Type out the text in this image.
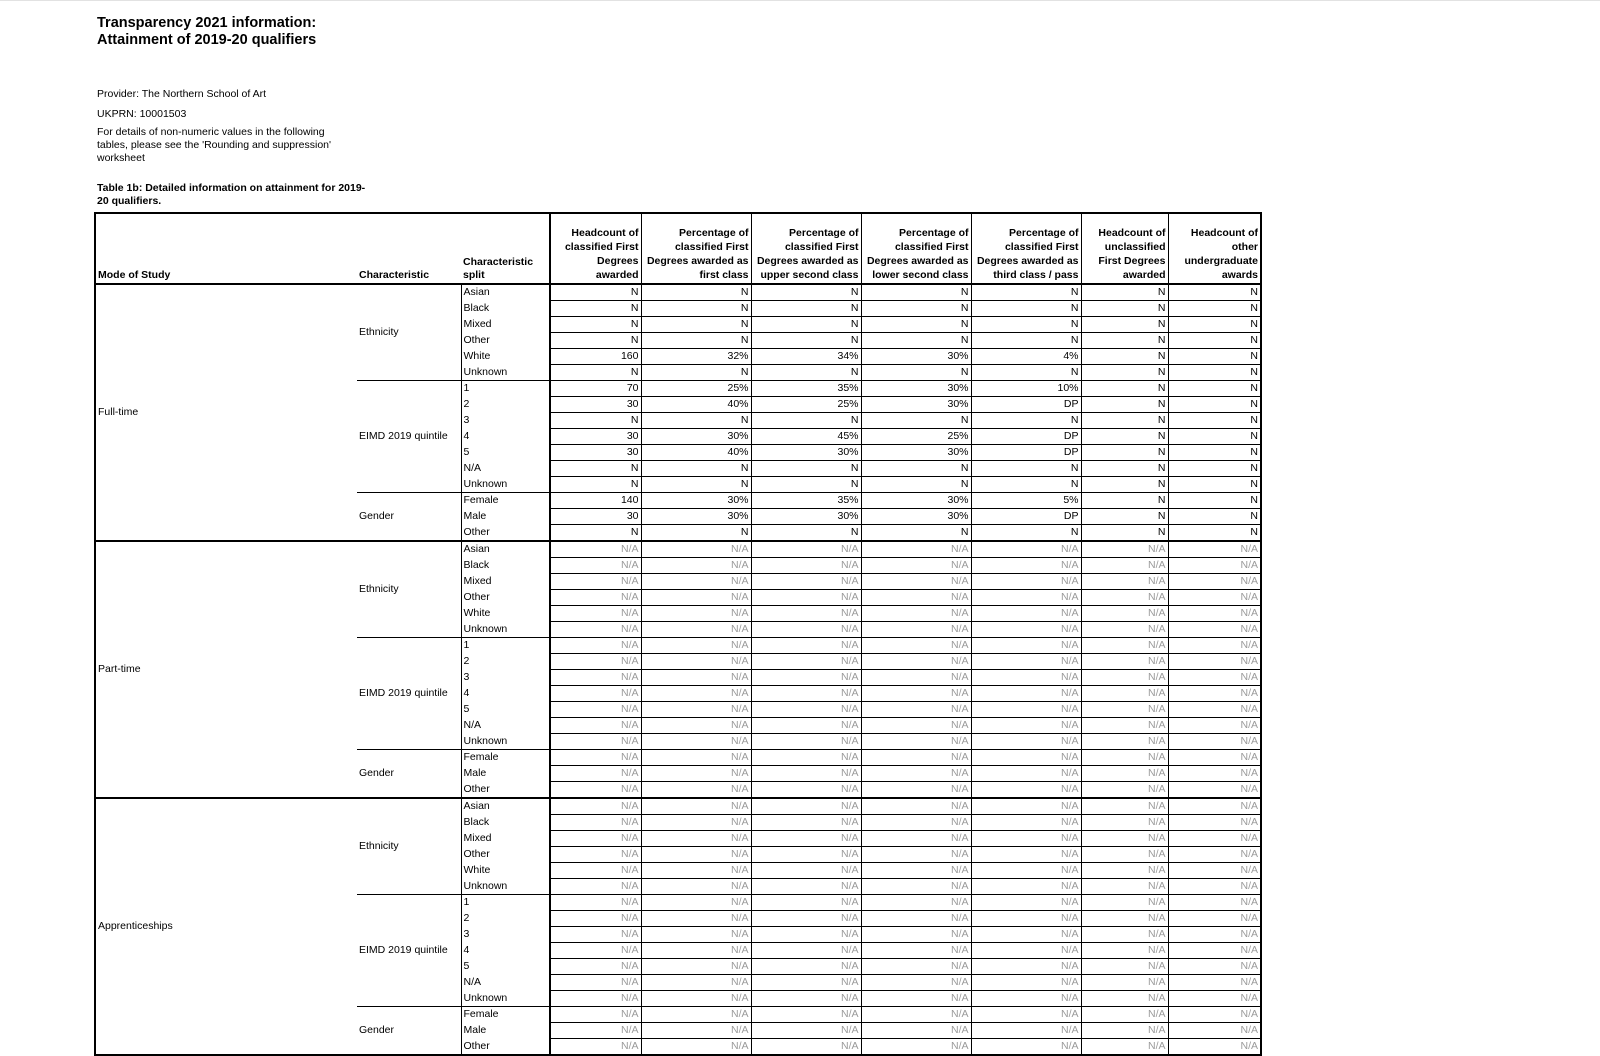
Transparency 2021 information:
Attainment of 2019-20 qualifiers

Provider: The Northern School of Art

UKPRN: 10001503

For details of non-numeric values in the following tables, please see the 'Rounding and suppression' worksheet

Table 1b: Detailed information on attainment for 2019-20 qualifiers.

Mode of Study	Characteristic	Characteristic split	Headcount of classified First Degrees awarded	Percentage of classified First Degrees awarded as first class	Percentage of classified First Degrees awarded as upper second class	Percentage of classified First Degrees awarded as lower second class	Percentage of classified First Degrees awarded as third class / pass	Headcount of unclassified First Degrees awarded	Headcount of other undergraduate awards
Full-time	Ethnicity	Asian	N	N	N	N	N	N	N
		Black	N	N	N	N	N	N	N
		Mixed	N	N	N	N	N	N	N
		Other	N	N	N	N	N	N	N
		White	160	32%	34%	30%	4%	N	N
		Unknown	N	N	N	N	N	N	N
	EIMD 2019 quintile	1	70	25%	35%	30%	10%	N	N
		2	30	40%	25%	30%	DP	N	N
		3	N	N	N	N	N	N	N
		4	30	30%	45%	25%	DP	N	N
		5	30	40%	30%	30%	DP	N	N
		N/A	N	N	N	N	N	N	N
		Unknown	N	N	N	N	N	N	N
	Gender	Female	140	30%	35%	30%	5%	N	N
		Male	30	30%	30%	30%	DP	N	N
		Other	N	N	N	N	N	N	N
Part-time	Ethnicity	Asian	N/A	N/A	N/A	N/A	N/A	N/A	N/A
		Black	N/A	N/A	N/A	N/A	N/A	N/A	N/A
		Mixed	N/A	N/A	N/A	N/A	N/A	N/A	N/A
		Other	N/A	N/A	N/A	N/A	N/A	N/A	N/A
		White	N/A	N/A	N/A	N/A	N/A	N/A	N/A
		Unknown	N/A	N/A	N/A	N/A	N/A	N/A	N/A
	EIMD 2019 quintile	1	N/A	N/A	N/A	N/A	N/A	N/A	N/A
		2	N/A	N/A	N/A	N/A	N/A	N/A	N/A
		3	N/A	N/A	N/A	N/A	N/A	N/A	N/A
		4	N/A	N/A	N/A	N/A	N/A	N/A	N/A
		5	N/A	N/A	N/A	N/A	N/A	N/A	N/A
		N/A	N/A	N/A	N/A	N/A	N/A	N/A	N/A
		Unknown	N/A	N/A	N/A	N/A	N/A	N/A	N/A
	Gender	Female	N/A	N/A	N/A	N/A	N/A	N/A	N/A
		Male	N/A	N/A	N/A	N/A	N/A	N/A	N/A
		Other	N/A	N/A	N/A	N/A	N/A	N/A	N/A
Apprenticeships	Ethnicity	Asian	N/A	N/A	N/A	N/A	N/A	N/A	N/A
		Black	N/A	N/A	N/A	N/A	N/A	N/A	N/A
		Mixed	N/A	N/A	N/A	N/A	N/A	N/A	N/A
		Other	N/A	N/A	N/A	N/A	N/A	N/A	N/A
		White	N/A	N/A	N/A	N/A	N/A	N/A	N/A
		Unknown	N/A	N/A	N/A	N/A	N/A	N/A	N/A
	EIMD 2019 quintile	1	N/A	N/A	N/A	N/A	N/A	N/A	N/A
		2	N/A	N/A	N/A	N/A	N/A	N/A	N/A
		3	N/A	N/A	N/A	N/A	N/A	N/A	N/A
		4	N/A	N/A	N/A	N/A	N/A	N/A	N/A
		5	N/A	N/A	N/A	N/A	N/A	N/A	N/A
		N/A	N/A	N/A	N/A	N/A	N/A	N/A	N/A
		Unknown	N/A	N/A	N/A	N/A	N/A	N/A	N/A
	Gender	Female	N/A	N/A	N/A	N/A	N/A	N/A	N/A
		Male	N/A	N/A	N/A	N/A	N/A	N/A	N/A
		Other	N/A	N/A	N/A	N/A	N/A	N/A	N/A
